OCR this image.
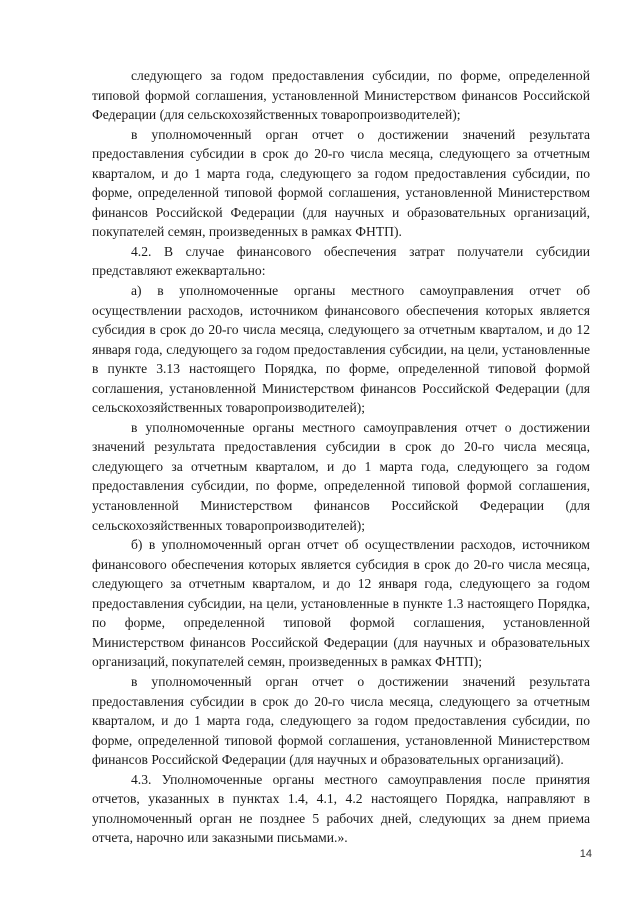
следующего за годом предоставления субсидии, по форме, определенной типовой формой соглашения, установленной Министерством финансов Российской Федерации (для сельскохозяйственных товаропроизводителей);

в уполномоченный орган отчет о достижении значений результата предоставления субсидии в срок до 20-го числа месяца, следующего за отчетным кварталом, и до 1 марта года, следующего за годом предоставления субсидии, по форме, определенной типовой формой соглашения, установленной Министерством финансов Российской Федерации (для научных и образовательных организаций, покупателей семян, произведенных в рамках ФНТП).

4.2. В случае финансового обеспечения затрат получатели субсидии представляют ежеквартально:

а) в уполномоченные органы местного самоуправления отчет об осуществлении расходов, источником финансового обеспечения которых является субсидия в срок до 20-го числа месяца, следующего за отчетным кварталом, и до 12 января года, следующего за годом предоставления субсидии, на цели, установленные в пункте 3.13 настоящего Порядка, по форме, определенной типовой формой соглашения, установленной Министерством финансов Российской Федерации (для сельскохозяйственных товаропроизводителей);

в уполномоченные органы местного самоуправления отчет о достижении значений результата предоставления субсидии в срок до 20-го числа месяца, следующего за отчетным кварталом, и до 1 марта года, следующего за годом предоставления субсидии, по форме, определенной типовой формой соглашения, установленной Министерством финансов Российской Федерации (для сельскохозяйственных товаропроизводителей);

б) в уполномоченный орган отчет об осуществлении расходов, источником финансового обеспечения которых является субсидия в срок до 20-го числа месяца, следующего за отчетным кварталом, и до 12 января года, следующего за годом предоставления субсидии, на цели, установленные в пункте 1.3 настоящего Порядка, по форме, определенной типовой формой соглашения, установленной Министерством финансов Российской Федерации (для научных и образовательных организаций, покупателей семян, произведенных в рамках ФНТП);

в уполномоченный орган отчет о достижении значений результата предоставления субсидии в срок до 20-го числа месяца, следующего за отчетным кварталом, и до 1 марта года, следующего за годом предоставления субсидии, по форме, определенной типовой формой соглашения, установленной Министерством финансов Российской Федерации (для научных и образовательных организаций).

4.3. Уполномоченные органы местного самоуправления после принятия отчетов, указанных в пунктах 1.4, 4.1, 4.2 настоящего Порядка, направляют в уполномоченный орган не позднее 5 рабочих дней, следующих за днем приема отчета, нарочно или заказными письмами.».

14
